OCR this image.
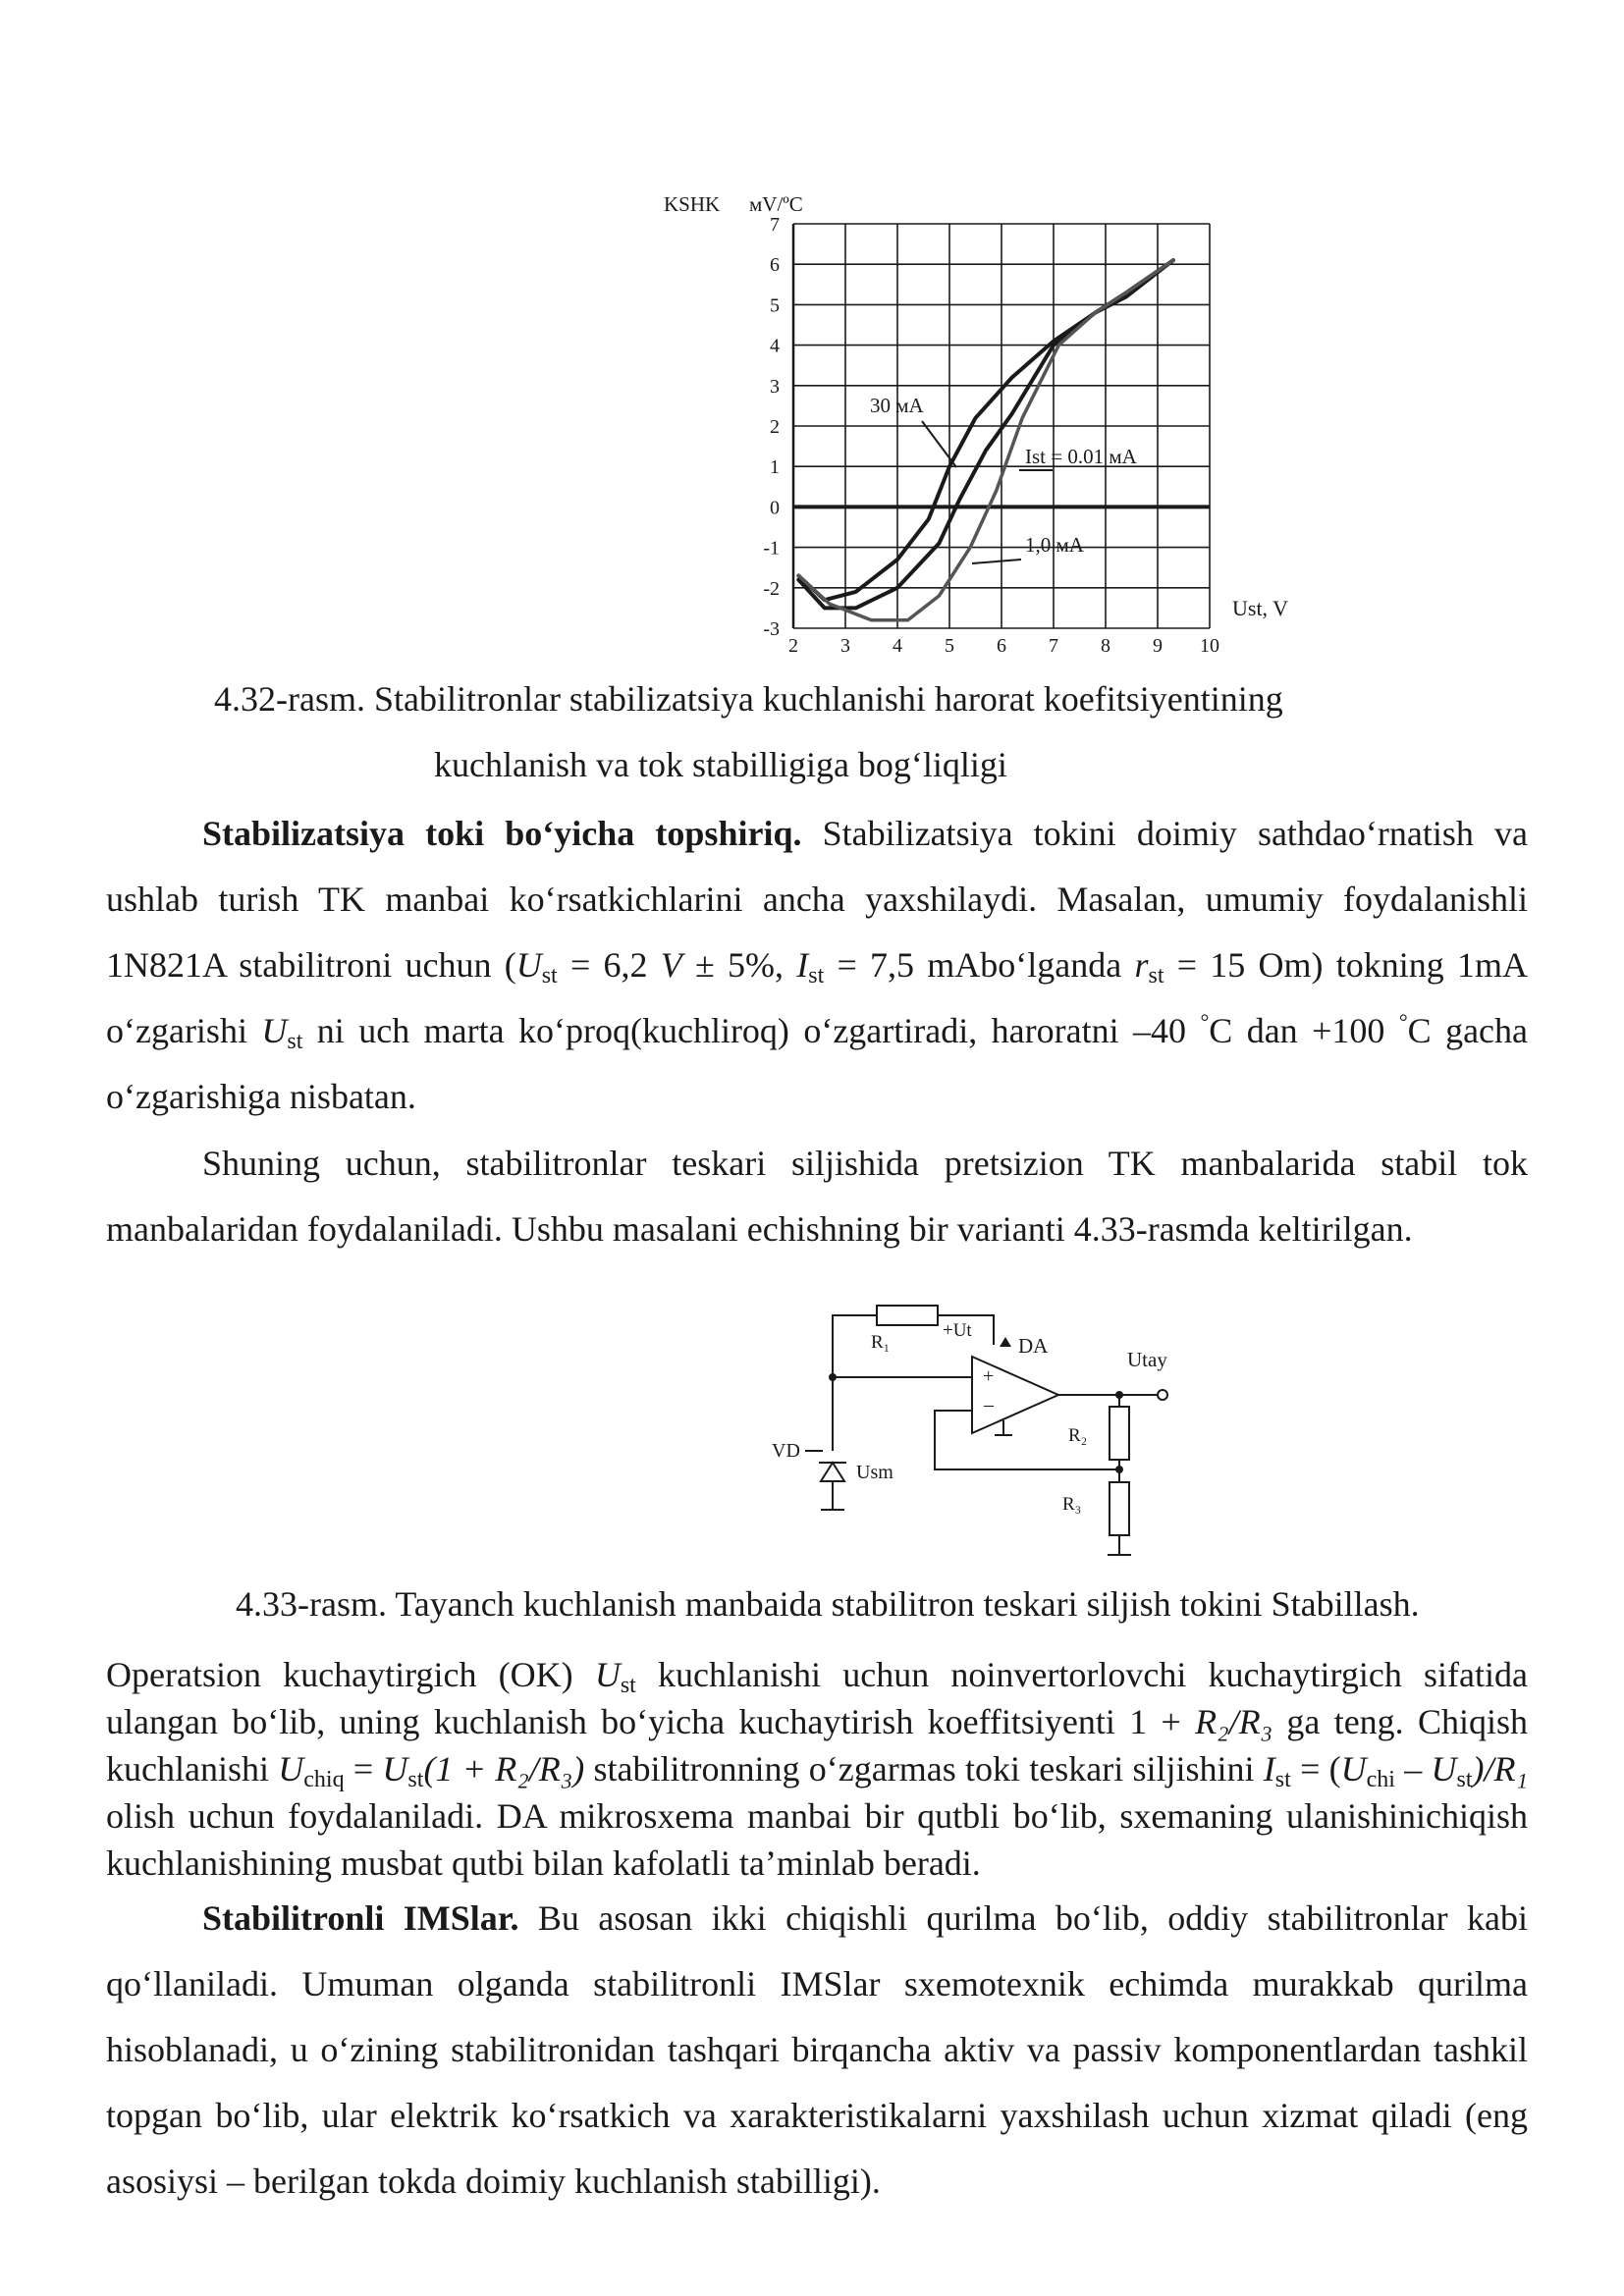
KSHK мV/ºC
-3
-2
-1
0
1
2
3
4
5
6
7
2 3 4 5 6 7 8 9 10
30 мA
Ist = 0.01 мA
1,0 мA
Ust, V
4.32-rasm. Stabilitronlar stabilizatsiya kuchlanishi harorat koefitsiyentining
kuchlanish va tok stabilligiga bog‘liqligi
Stabilizatsiya toki bo‘yicha topshiriq. Stabilizatsiya tokini doimiy sathdao‘rnatish va ushlab turish TK manbai ko‘rsatkichlarini ancha yaxshilaydi. Masalan, umumiy foydalanishli 1N821A stabilitroni uchun ($U_{st} = 6,2$ V ± 5%, $I_{st} = 7,5$ mAbo‘lganda $r_{st} = 15$ Om) tokning 1mA o‘zgarishi $U_{st}$ ni uch marta ko‘proq(kuchliroq) o‘zgartiradi, haroratni –40 °C dan +100 °C gacha o‘zgarishiga nisbatan.
Shuning uchun, stabilitronlar teskari siljishida pretsizion TK manbalarida stabil tok manbalaridan foydalaniladi. Ushbu masalani echishning bir varianti 4.33-rasmda keltirilgan.
R₁
+Ut
DA
Utay
+
–
VD
Usm
R₂
R₃
4.33-rasm. Tayanch kuchlanish manbaida stabilitron teskari siljish tokini Stabillash.
Operatsion kuchaytirgich (OK) $U_{st}$ kuchlanishi uchun noinvertorlovchi kuchaytirgich sifatida ulangan bo‘lib, uning kuchlanish bo‘yicha kuchaytirish koeffitsiyenti 1 + R₂/R₃ ga teng. Chiqish kuchlanishi $U_{chiq} = U_{st}(1 + R_2/R_3)$ stabilitronning o‘zgarmas toki teskari siljishini $I_{st} = (U_{chi} - U_{st})/R_1$ olish uchun foydalaniladi. DA mikrosxema manbai bir qutbli bo‘lib, sxemaning ulanishinichiqish kuchlanishining musbat qutbi bilan kafolatli ta’minlab beradi.
Stabilitronli IMSlar. Bu asosan ikki chiqishli qurilma bo‘lib, oddiy stabilitronlar kabi qo‘llaniladi. Umuman olganda stabilitronli IMSlar sxemotexnik echimda murakkab qurilma hisoblanadi, u o‘zining stabilitronidan tashqari birqancha aktiv va passiv komponentlardan tashkil topgan bo‘lib, ular elektrik ko‘rsatkich va xarakteristikalarni yaxshilash uchun xizmat qiladi (eng asosiysi – berilgan tokda doimiy kuchlanish stabilligi).
